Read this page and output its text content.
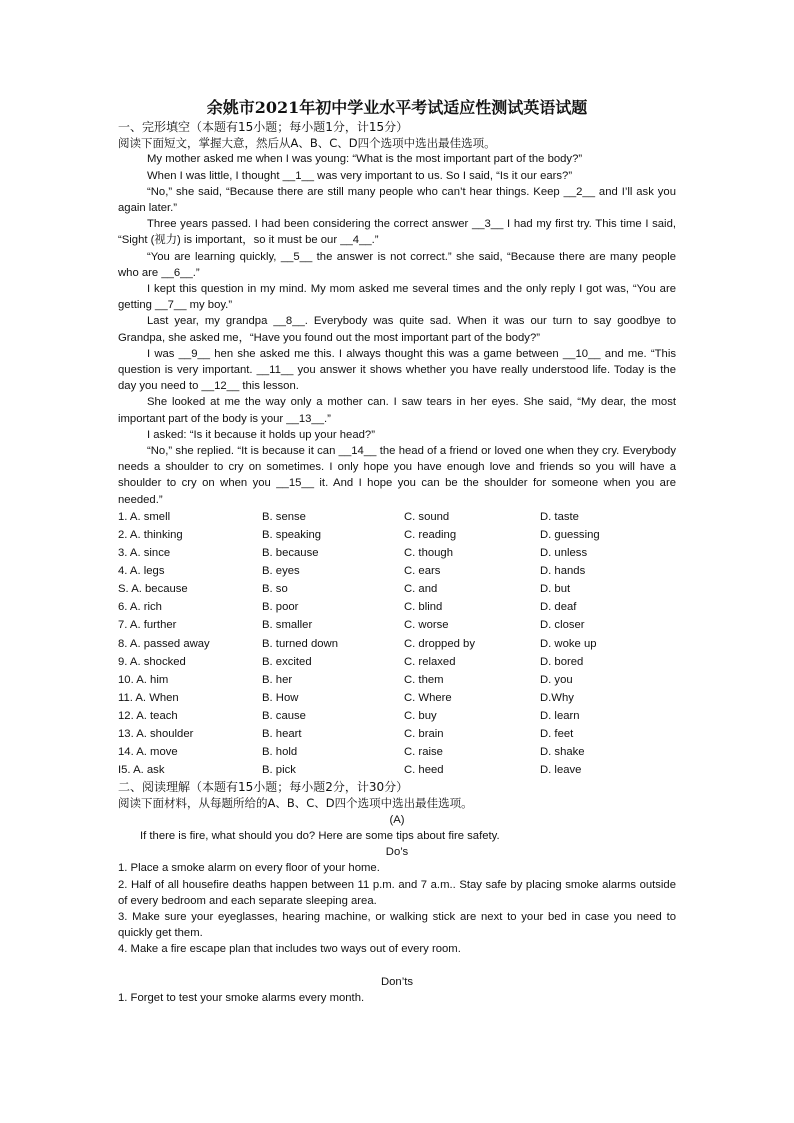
余姚市2021年初中学业水平考试适应性测试英语试题
一、完形填空（本题有15小题；每小题1分，计15分）
阅读下面短文，掌握大意，然后从A、B、C、D四个选项中选出最佳选项。

My mother asked me when I was young: “What is the most important part of the body?”

When I was little, I thought __1__ was very important to us. So I said, “Is it our ears?”

“No,” she said, “Because there are still many people who can’t hear things. Keep __2__ and I’ll ask you again later.”

Three years passed. I had been considering the correct answer __3__ I had my first try. This time I said, “Sight (视力) is important，so it must be our __4__.”

“You are learning quickly, __5__ the answer is not correct.” she said, “Because there are many people who are __6__.”

I kept this question in my mind. My mom asked me several times and the only reply I got was, “You are getting __7__ my boy.”

Last year, my grandpa __8__. Everybody was quite sad. When it was our turn to say goodbye to Grandpa, she asked me，“Have you found out the most important part of the body?”

I was __9__ hen she asked me this. I always thought this was a game between __10__ and me. “This question is very important. __11__ you answer it shows whether you have really understood life. Today is the day you need to __12__ this lesson.

She looked at me the way only a mother can. I saw tears in her eyes. She said, “My dear, the most important part of the body is your __13__.”

I asked: “Is it because it holds up your head?”

“No,” she replied. “It is because it can __14__ the head of a friend or loved one when they cry. Everybody needs a shoulder to cry on sometimes. I only hope you have enough love and friends so you will have a shoulder to cry on when you __15__ it. And I hope you can be the shoulder for someone when you are needed.”

1. A. smell	B. sense	C. sound	D. taste
2. A. thinking	B. speaking	C. reading	D. guessing
3. A. since	B. because	C. though	D. unless
4. A. legs	B. eyes	C. ears	D. hands
S. A. because	B. so	C. and	D. but
6. A. rich	B. poor	C. blind	D. deaf
7. A. further	B. smaller	C. worse	D. closer
8. A. passed away	B. turned down	C. dropped by	D. woke up
9. A. shocked	B. excited	C. relaxed	D. bored
10. A. him	B. her	C. them	D. you
11. A. When	B. How	C. Where	D.Why
12. A. teach	B. cause	C. buy	D. learn
13. A. shoulder	B. heart	C. brain	D. feet
14. A. move	B. hold	C. raise	D. shake
I5. A. ask	B. pick	C. heed	D. leave
二、阅读理解（本题有15小题；每小题2分，计30分）
阅读下面材料，从每题所给的A、B、C、D四个选项中选出最佳选项。
(A)

If there is fire, what should you do? Here are some tips about fire safety.

Do’s

1. Place a smoke alarm on every floor of your home.

2. Half of all housefire deaths happen between 11 p.m. and 7 a.m.. Stay safe by placing smoke alarms outside of every bedroom and each separate sleeping area.

3. Make sure your eyeglasses, hearing machine, or walking stick are next to your bed in case you need to quickly get them.

4. Make a fire escape plan that includes two ways out of every room.

Don’ts

1. Forget to test your smoke alarms every month.
